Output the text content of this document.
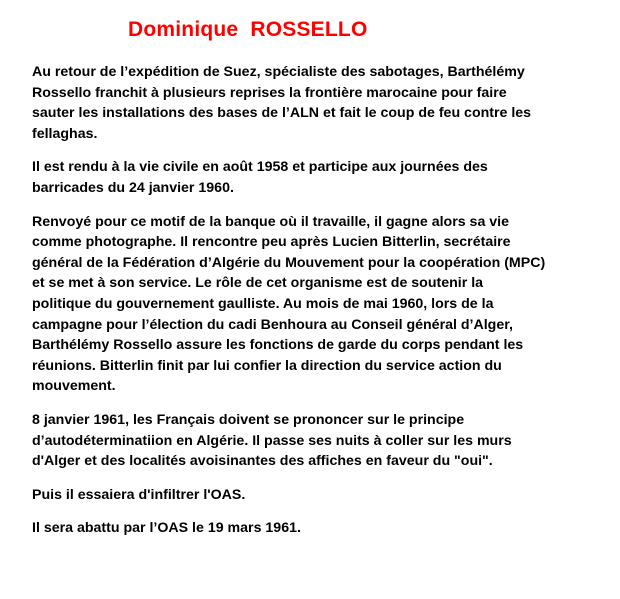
Dominique  ROSSELLO

Au retour de l’expédition de Suez, spécialiste des sabotages, Barthélémy
Rossello franchit à plusieurs reprises la frontière marocaine pour faire
sauter les installations des bases de l’ALN et fait le coup de feu contre les
fellaghas.

Il est rendu à la vie civile en août 1958 et participe aux journées des
barricades du 24 janvier 1960.

Renvoyé pour ce motif de la banque où il travaille, il gagne alors sa vie
comme photographe. Il rencontre peu après Lucien Bitterlin, secrétaire
général de la Fédération d’Algérie du Mouvement pour la coopération (MPC)
et se met à son service. Le rôle de cet organisme est de soutenir la
politique du gouvernement gaulliste. Au mois de mai 1960, lors de la
campagne pour l’élection du cadi Benhoura au Conseil général d’Alger,
Barthélémy Rossello assure les fonctions de garde du corps pendant les
réunions. Bitterlin finit par lui confier la direction du service action du
mouvement.

8 janvier 1961, les Français doivent se prononcer sur le principe
d’autodéterminatiion en Algérie. Il passe ses nuits à coller sur les murs
d'Alger et des localités avoisinantes des affiches en faveur du "oui".

Puis il essaiera d'infiltrer l'OAS.

Il sera abattu par l’OAS le 19 mars 1961.
